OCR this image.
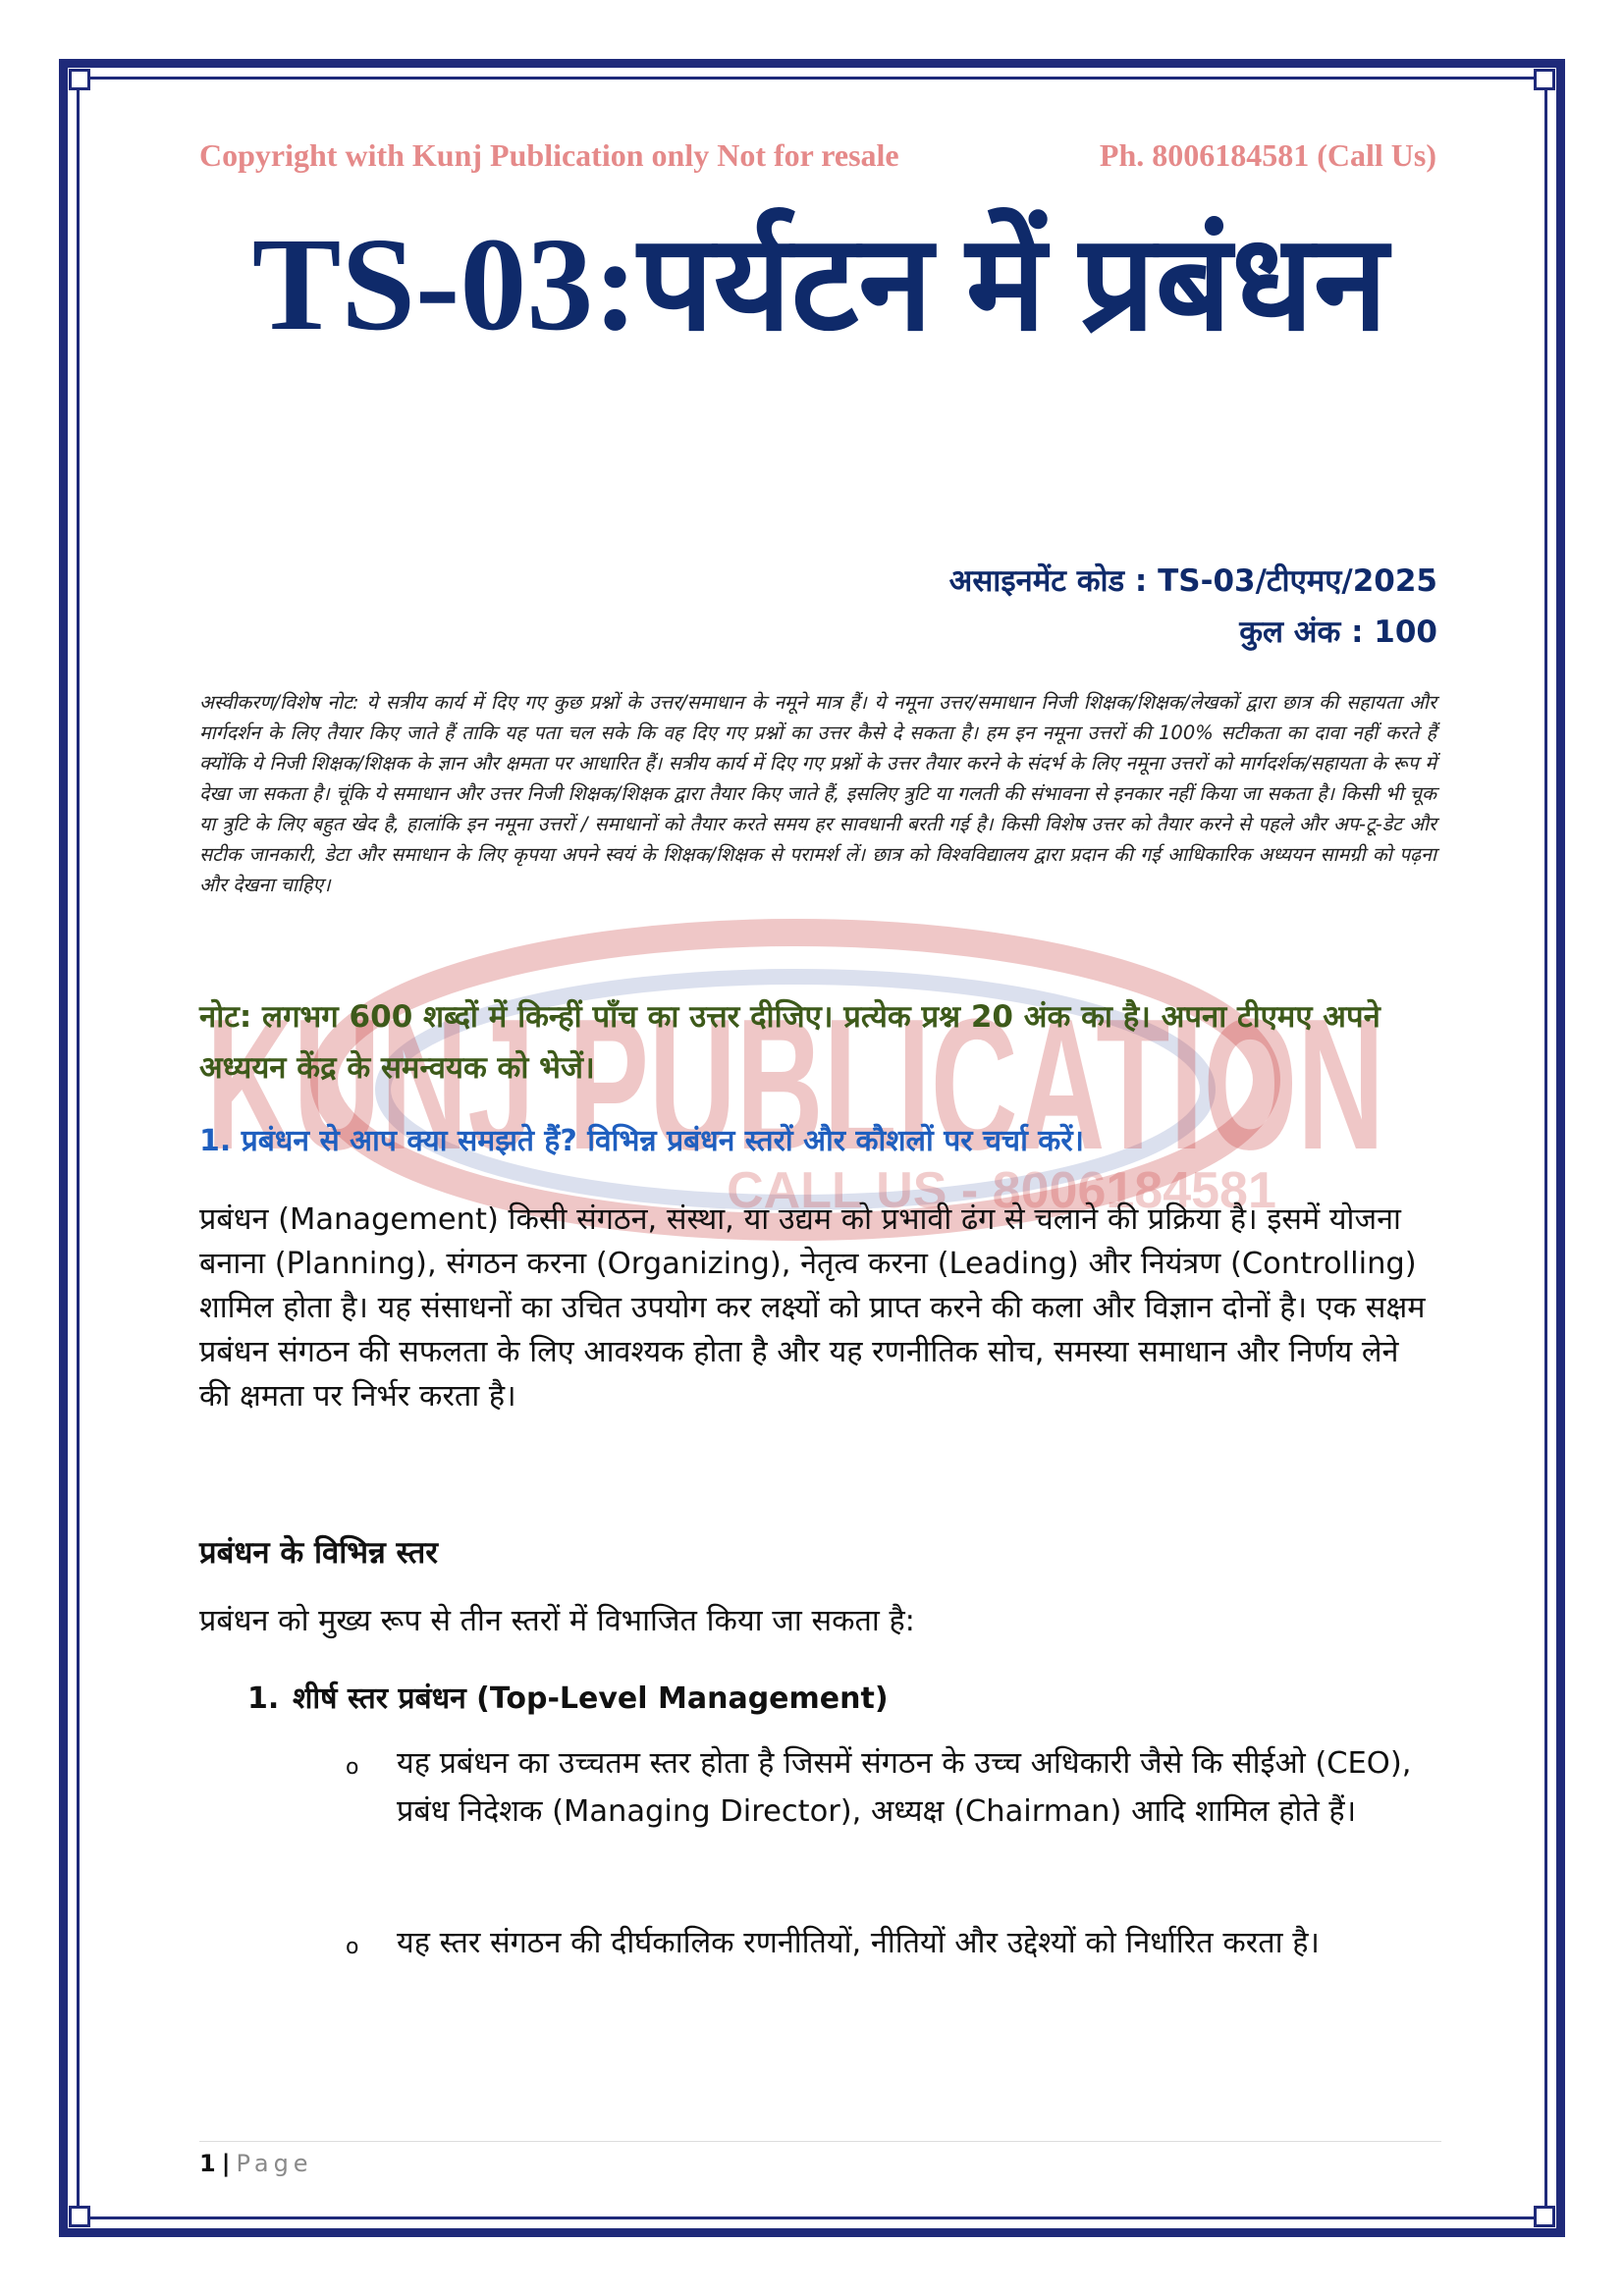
KUNJ PUBLICATION
CALL US - 8006184581
Copyright with Kunj Publication only Not for resale	Ph. 8006184581 (Call Us)
TS-03:पर्यटन में प्रबंधन
असाइनमेंट कोड : TS-03/टीएमए/2025
कुल अंक : 100
अस्वीकरण/विशेष नोट: ये सत्रीय कार्य में दिए गए कुछ प्रश्नों के उत्तर/समाधान के नमूने मात्र हैं। ये नमूना उत्तर/समाधान निजी शिक्षक/शिक्षक/लेखकों द्वारा छात्र की सहायता और मार्गदर्शन के लिए तैयार किए जाते हैं ताकि यह पता चल सके कि वह दिए गए प्रश्नों का उत्तर कैसे दे सकता है। हम इन नमूना उत्तरों की 100% सटीकता का दावा नहीं करते हैं क्योंकि ये निजी शिक्षक/शिक्षक के ज्ञान और क्षमता पर आधारित हैं। सत्रीय कार्य में दिए गए प्रश्नों के उत्तर तैयार करने के संदर्भ के लिए नमूना उत्तरों को मार्गदर्शक/सहायता के रूप में देखा जा सकता है। चूंकि ये समाधान और उत्तर निजी शिक्षक/शिक्षक द्वारा तैयार किए जाते हैं, इसलिए त्रुटि या गलती की संभावना से इनकार नहीं किया जा सकता है। किसी भी चूक या त्रुटि के लिए बहुत खेद है, हालांकि इन नमूना उत्तरों / समाधानों को तैयार करते समय हर सावधानी बरती गई है। किसी विशेष उत्तर को तैयार करने से पहले और अप-टू-डेट और सटीक जानकारी, डेटा और समाधान के लिए कृपया अपने स्वयं के शिक्षक/शिक्षक से परामर्श लें। छात्र को विश्वविद्यालय द्वारा प्रदान की गई आधिकारिक अध्ययन सामग्री को पढ़ना और देखना चाहिए।
नोट: लगभग 600 शब्दों में किन्हीं पाँच का उत्तर दीजिए। प्रत्येक प्रश्न 20 अंक का है। अपना टीएमए अपने अध्ययन केंद्र के समन्वयक को भेजें।
1. प्रबंधन से आप क्या समझते हैं? विभिन्न प्रबंधन स्तरों और कौशलों पर चर्चा करें।
प्रबंधन (Management) किसी संगठन, संस्था, या उद्यम को प्रभावी ढंग से चलाने की प्रक्रिया है। इसमें योजना बनाना (Planning), संगठन करना (Organizing), नेतृत्व करना (Leading) और नियंत्रण (Controlling) शामिल होता है। यह संसाधनों का उचित उपयोग कर लक्ष्यों को प्राप्त करने की कला और विज्ञान दोनों है। एक सक्षम प्रबंधन संगठन की सफलता के लिए आवश्यक होता है और यह रणनीतिक सोच, समस्या समाधान और निर्णय लेने की क्षमता पर निर्भर करता है।
प्रबंधन के विभिन्न स्तर
प्रबंधन को मुख्य रूप से तीन स्तरों में विभाजित किया जा सकता है:
1. शीर्ष स्तर प्रबंधन (Top-Level Management)
o यह प्रबंधन का उच्चतम स्तर होता है जिसमें संगठन के उच्च अधिकारी जैसे कि सीईओ (CEO), प्रबंध निदेशक (Managing Director), अध्यक्ष (Chairman) आदि शामिल होते हैं।
o यह स्तर संगठन की दीर्घकालिक रणनीतियों, नीतियों और उद्देश्यों को निर्धारित करता है।
1 | Page
